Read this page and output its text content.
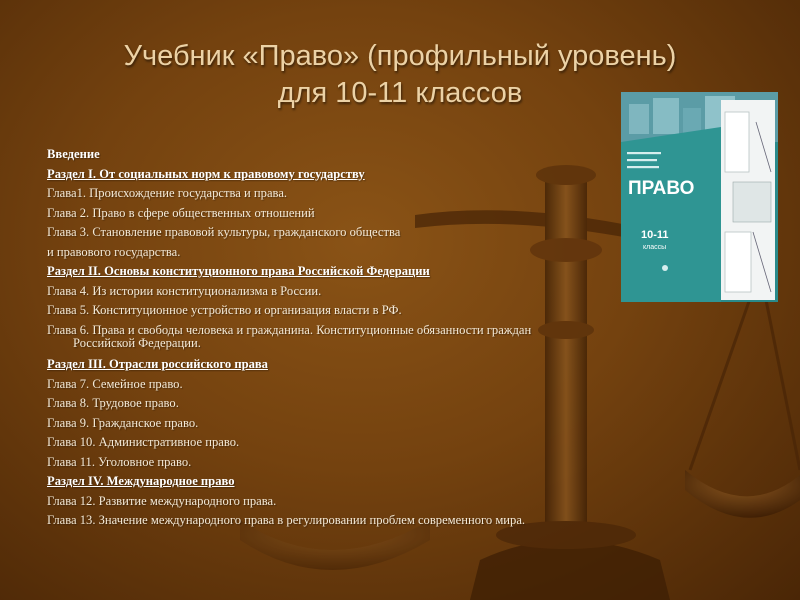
Учебник «Право» (профильный уровень)
для 10-11 классов
Введение
Раздел I. От социальных норм к правовому государству
Глава1. Происхождение государства и права.
Глава 2. Право в сфере общественных отношений
Глава 3. Становление правовой культуры, гражданского общества
и правового государства.
Раздел II. Основы конституционного права Российской Федерации
Глава 4. Из истории конституционализма в России.
Глава 5. Конституционное устройство и организация власти в РФ.
Глава 6. Права и свободы человека и гражданина. Конституционные обязанности граждан
Российской Федерации.
Раздел III. Отрасли российского права
Глава 7. Семейное право.
Глава 8. Трудовое право.
Глава 9. Гражданское право.
Глава 10. Административное право.
Глава 11. Уголовное право.
Раздел IV. Международное право
Глава 12. Развитие международного права.
Глава 13. Значение международного права в регулировании проблем современного мира.
ПРАВО
10-11
классы
